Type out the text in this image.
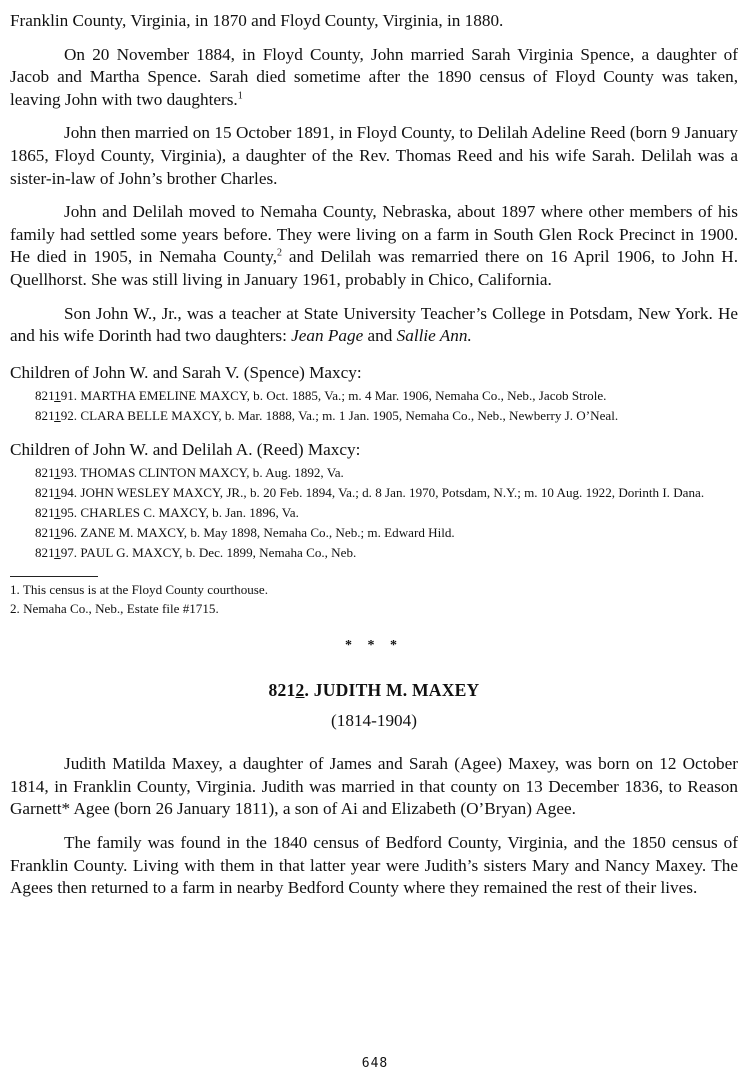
Franklin County, Virginia, in 1870 and Floyd County, Virginia, in 1880.

On 20 November 1884, in Floyd County, John married Sarah Virginia Spence, a daughter of Jacob and Martha Spence. Sarah died sometime after the 1890 census of Floyd County was taken, leaving John with two daughters.$^1$

John then married on 15 October 1891, in Floyd County, to Delilah Adeline Reed (born 9 January 1865, Floyd County, Virginia), a daughter of the Rev. Thomas Reed and his wife Sarah. Delilah was a sister-in-law of John’s brother Charles.

John and Delilah moved to Nemaha County, Nebraska, about 1897 where other members of his family had settled some years before. They were living on a farm in South Glen Rock Precinct in 1900. He died in 1905, in Nemaha County,$^2$ and Delilah was remarried there on 16 April 1906, to John H. Quellhorst. She was still living in January 1961, probably in Chico, California.

Son John W., Jr., was a teacher at State University Teacher’s College in Potsdam, New York. He and his wife Dorinth had two daughters: Jean Page and Sallie Ann.

Children of John W. and Sarah V. (Spence) Maxcy:

821191. MARTHA EMELINE MAXCY, b. Oct. 1885, Va.; m. 4 Mar. 1906, Nemaha Co., Neb., Jacob Strole.

821192. CLARA BELLE MAXCY, b. Mar. 1888, Va.; m. 1 Jan. 1905, Nemaha Co., Neb., Newberry J. O’Neal.

Children of John W. and Delilah A. (Reed) Maxcy:

821193. THOMAS CLINTON MAXCY, b. Aug. 1892, Va.

821194. JOHN WESLEY MAXCY, JR., b. 20 Feb. 1894, Va.; d. 8 Jan. 1970, Potsdam, N.Y.; m. 10 Aug. 1922, Dorinth I. Dana.

821195. CHARLES C. MAXCY, b. Jan. 1896, Va.

821196. ZANE M. MAXCY, b. May 1898, Nemaha Co., Neb.; m. Edward Hild.

821197. PAUL G. MAXCY, b. Dec. 1899, Nemaha Co., Neb.

1. This census is at the Floyd County courthouse.

2. Nemaha Co., Neb., Estate file #1715.

* * *
8212. JUDITH M. MAXEY
(1814-1904)

Judith Matilda Maxey, a daughter of James and Sarah (Agee) Maxey, was born on 12 October 1814, in Franklin County, Virginia. Judith was married in that county on 13 December 1836, to Reason Garnett* Agee (born 26 January 1811), a son of Ai and Elizabeth (O’Bryan) Agee.

The family was found in the 1840 census of Bedford County, Virginia, and the 1850 census of Franklin County. Living with them in that latter year were Judith’s sisters Mary and Nancy Maxey. The Agees then returned to a farm in nearby Bedford County where they remained the rest of their lives.

648
